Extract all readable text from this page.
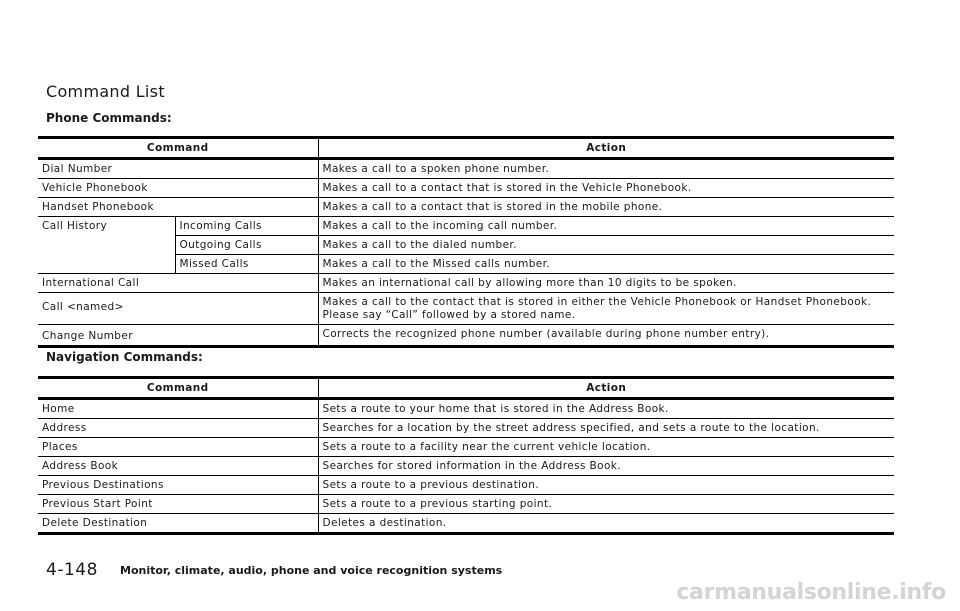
Command List
Phone Commands:
Command		Action
Dial Number		Makes a call to a spoken phone number.
Vehicle Phonebook		Makes a call to a contact that is stored in the Vehicle Phonebook.
Handset Phonebook		Makes a call to a contact that is stored in the mobile phone.
Call History	Incoming Calls	Makes a call to the incoming call number.
	Outgoing Calls	Makes a call to the dialed number.
	Missed Calls	Makes a call to the Missed calls number.
International Call		Makes an international call by allowing more than 10 digits to be spoken.
Call <named>		Makes a call to the contact that is stored in either the Vehicle Phonebook or Handset Phonebook.
Please say “Call” followed by a stored name.

Change Number		Corrects the recognized phone number (available during phone number entry).
Navigation Commands:
Command	Action
Home	Sets a route to your home that is stored in the Address Book.
Address	Searches for a location by the street address specified, and sets a route to the location.
Places	Sets a route to a facility near the current vehicle location.
Address Book	Searches for stored information in the Address Book.
Previous Destinations	Sets a route to a previous destination.
Previous Start Point	Sets a route to a previous starting point.
Delete Destination	Deletes a destination.
4-148 Monitor, climate, audio, phone and voice recognition systems
carmanualsonline.info
